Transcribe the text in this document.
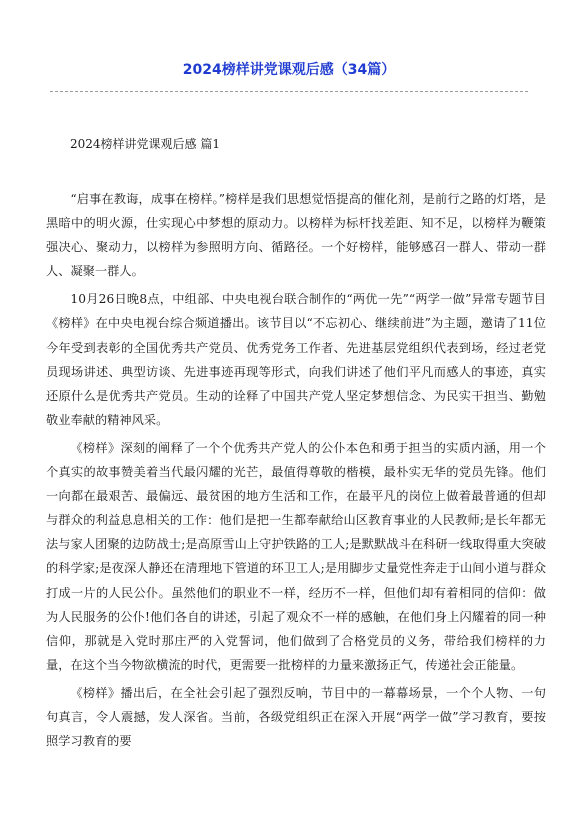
2024榜样讲党课观后感（34篇）
2024榜样讲党课观后感 篇1

“启事在教诲，成事在榜样。”榜样是我们思想觉悟提高的催化剂，是前行之路的灯塔，是黑暗中的明火源，仕实现心中梦想的原动力。以榜样为标杆找差距、知不足，以榜样为鞭策强决心、聚动力，以榜样为参照明方向、循路径。一个好榜样，能够感召一群人、带动一群人、凝聚一群人。

10月26日晚8点，中组部、中央电视台联合制作的“两优一先”“两学一做”异常专题节目《榜样》在中央电视台综合频道播出。该节目以“不忘初心、继续前进”为主题，邀请了11位今年受到表彰的全国优秀共产党员、优秀党务工作者、先进基层党组织代表到场，经过老党员现场讲述、典型访谈、先进事迹再现等形式，向我们讲述了他们平凡而感人的事迹，真实还原什么是优秀共产党员。生动的诠释了中国共产党人坚定梦想信念、为民实干担当、勤勉敬业奉献的精神风采。

《榜样》深刻的阐释了一个个优秀共产党人的公仆本色和勇于担当的实质内涵，用一个个真实的故事赞美着当代最闪耀的光芒，最值得尊敬的楷模，最朴实无华的党员先锋。他们一向都在最艰苦、最偏远、最贫困的地方生活和工作，在最平凡的岗位上做着最普通的但却与群众的利益息息相关的工作：他们是把一生都奉献给山区教育事业的人民教师;是长年都无法与家人团聚的边防战士;是高原雪山上守护铁路的工人;是默默战斗在科研一线取得重大突破的科学家;是夜深人静还在清理地下管道的环卫工人;是用脚步丈量党性奔走于山间小道与群众打成一片的人民公仆。虽然他们的职业不一样，经历不一样，但他们却有着相同的信仰：做为人民服务的公仆!他们各自的讲述，引起了观众不一样的感触，在他们身上闪耀着的同一种信仰，那就是入党时那庄严的入党誓词，他们做到了合格党员的义务，带给我们榜样的力量，在这个当今物欲横流的时代，更需要一批榜样的力量来激扬正气，传递社会正能量。

《榜样》播出后，在全社会引起了强烈反响，节目中的一幕幕场景，一个个人物、一句句真言，令人震撼，发人深省。当前，各级党组织正在深入开展“两学一做”学习教育，要按照学习教育的要
